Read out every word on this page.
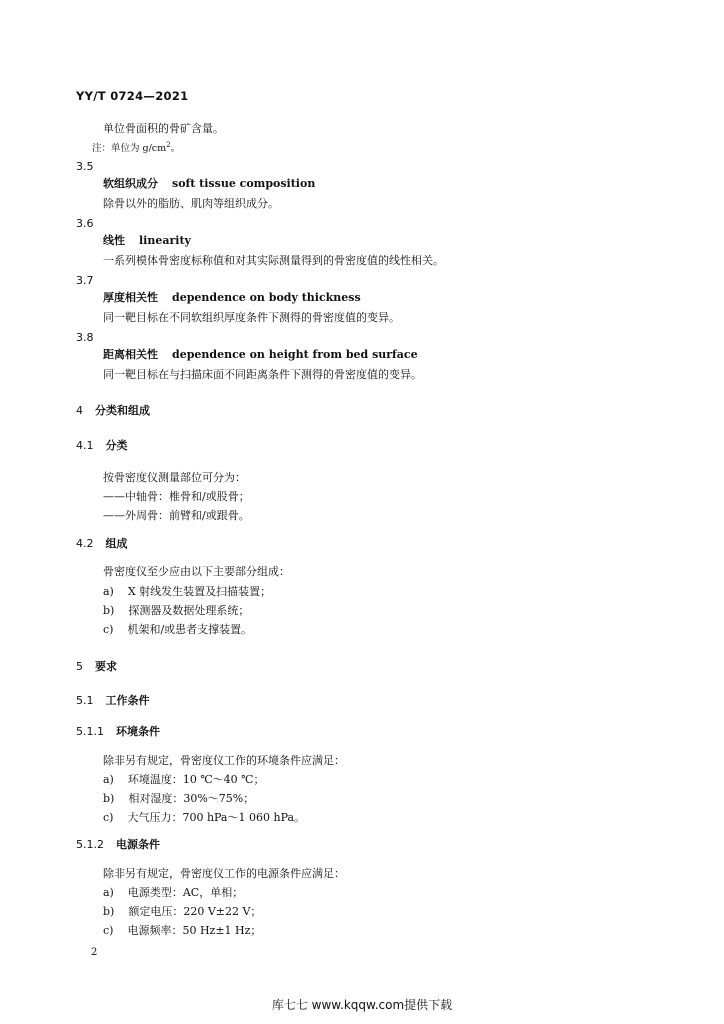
YY/T 0724—2021
单位骨面积的骨矿含量。
注：单位为 $g/cm^2$。
3.5
软组织成分 soft tissue composition
除骨以外的脂肪、肌肉等组织成分。
3.6
线性 linearity
一系列模体骨密度标称值和对其实际测量得到的骨密度值的线性相关。
3.7
厚度相关性 dependence on body thickness
同一靶目标在不同软组织厚度条件下测得的骨密度值的变异。
3.8
距离相关性 dependence on height from bed surface
同一靶目标在与扫描床面不同距离条件下测得的骨密度值的变异。
4 分类和组成
4.1 分类
按骨密度仪测量部位可分为：
——中轴骨：椎骨和/或股骨；
——外周骨：前臂和/或跟骨。
4.2 组成
骨密度仪至少应由以下主要部分组成：
a) X 射线发生装置及扫描装置；
b) 探测器及数据处理系统；
c) 机架和/或患者支撑装置。
5 要求
5.1 工作条件
5.1.1 环境条件
除非另有规定，骨密度仪工作的环境条件应满足：
a) 环境温度：10 ℃～40 ℃；
b) 相对湿度：30%～75%；
c) 大气压力：700 hPa～1 060 hPa。
5.1.2 电源条件
除非另有规定，骨密度仪工作的电源条件应满足：
a) 电源类型：AC，单相；
b) 额定电压：220 V±22 V；
c) 电源频率：50 Hz±1 Hz；
2
库七七 www.kqqw.com提供下载
